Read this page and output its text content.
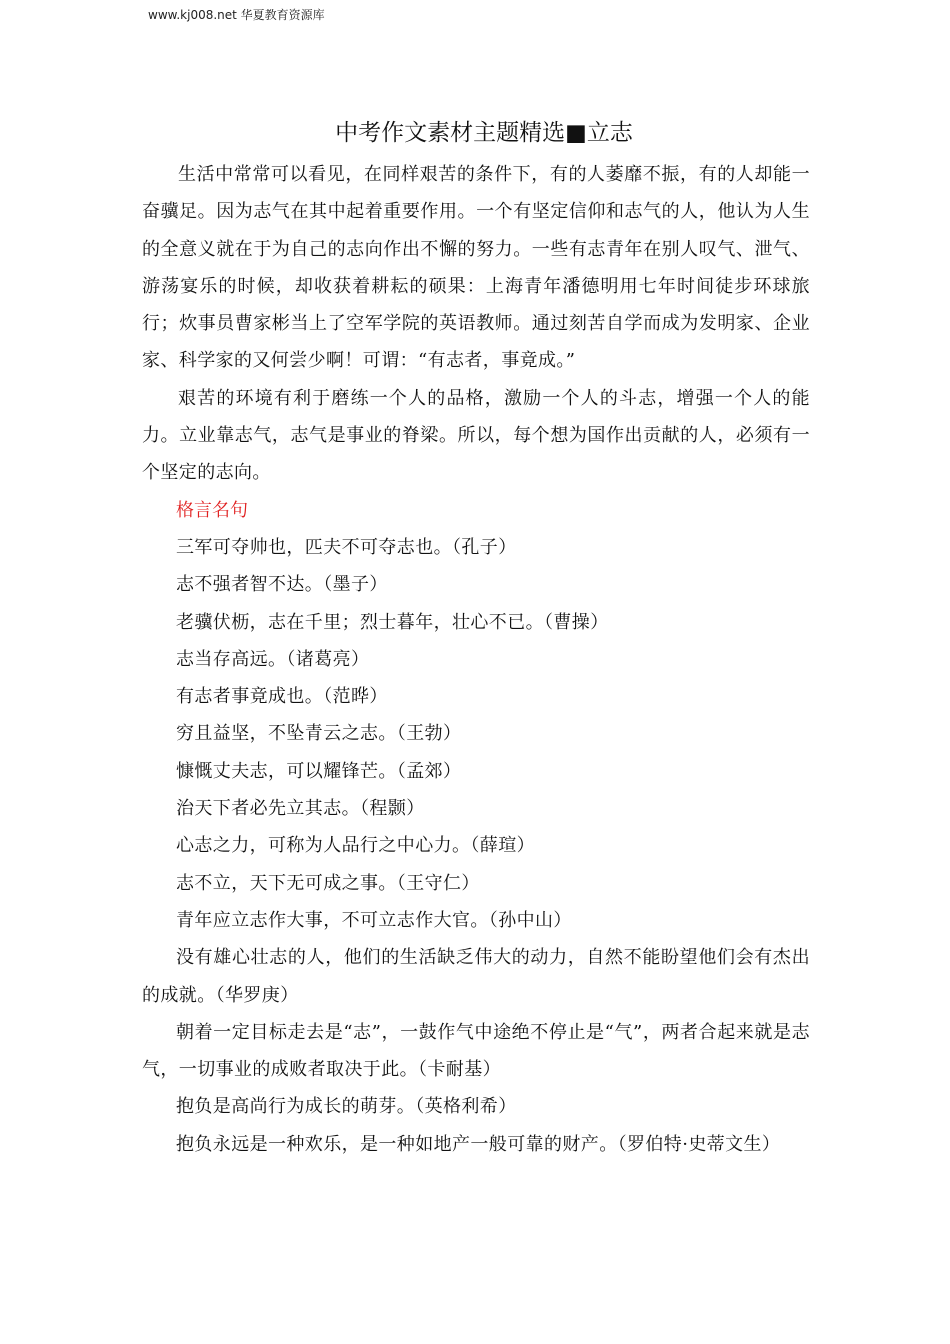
www.kj008.net 华夏教育资源库
中考作文素材主题精选■立志

生活中常常可以看见，在同样艰苦的条件下，有的人萎靡不振，有的人却能一奋骥足。因为志气在其中起着重要作用。一个有坚定信仰和志气的人，他认为人生的全意义就在于为自己的志向作出不懈的努力。一些有志青年在别人叹气、泄气、游荡宴乐的时候，却收获着耕耘的硕果：上海青年潘德明用七年时间徒步环球旅行；炊事员曹家彬当上了空军学院的英语教师。通过刻苦自学而成为发明家、企业家、科学家的又何尝少啊！可谓：“有志者，事竟成。”

艰苦的环境有利于磨练一个人的品格，激励一个人的斗志，增强一个人的能力。立业靠志气，志气是事业的脊梁。所以，每个想为国作出贡献的人，必须有一个坚定的志向。

格言名句
三军可夺帅也，匹夫不可夺志也。（孔子）
志不强者智不达。（墨子）
老骥伏枥，志在千里；烈士暮年，壮心不已。（曹操）
志当存高远。（诸葛亮）
有志者事竟成也。（范晔）
穷且益坚，不坠青云之志。（王勃）
慷慨丈夫志，可以耀锋芒。（孟郊）
治天下者必先立其志。（程颢）
心志之力，可称为人品行之中心力。（薛瑄）
志不立，天下无可成之事。（王守仁）
青年应立志作大事，不可立志作大官。（孙中山）
没有雄心壮志的人，他们的生活缺乏伟大的动力，自然不能盼望他们会有杰出的成就。（华罗庚）
朝着一定目标走去是“志”，一鼓作气中途绝不停止是“气”，两者合起来就是志气，一切事业的成败者取决于此。（卡耐基）
抱负是高尚行为成长的萌芽。（英格利希）
抱负永远是一种欢乐，是一种如地产一般可靠的财产。（罗伯特·史蒂文生）
